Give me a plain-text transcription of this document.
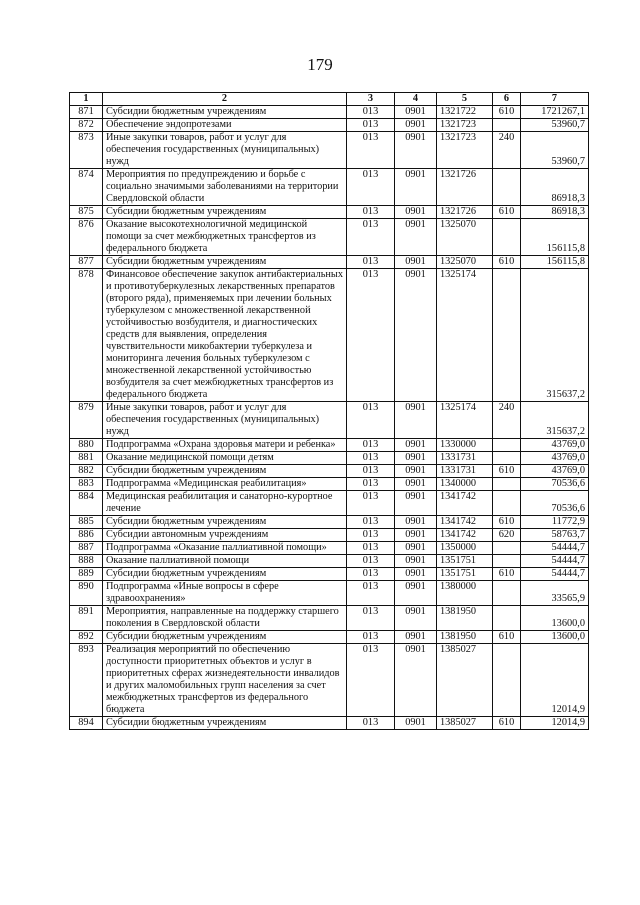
179
1	2	3	4	5	6	7
871	Субсидии бюджетным учреждениям	013	0901	1321722	610	1721267,1
872	Обеспечение эндопротезами	013	0901	1321723		53960,7
873	Иные закупки товаров, работ и услуг для обеспечения государственных (муниципальных) нужд	013	0901	1321723	240	53960,7
874	Мероприятия по предупреждению и борьбе с социально значимыми заболеваниями на территории Свердловской области	013	0901	1321726		86918,3
875	Субсидии бюджетным учреждениям	013	0901	1321726	610	86918,3
876	Оказание высокотехнологичной медицинской помощи за счет межбюджетных трансфертов из федерального бюджета	013	0901	1325070		156115,8
877	Субсидии бюджетным учреждениям	013	0901	1325070	610	156115,8
878	Финансовое обеспечение закупок антибактериальных и противотуберкулезных лекарственных препаратов (второго ряда), применяемых при лечении больных туберкулезом с множественной лекарственной устойчивостью возбудителя, и диагностических средств для выявления, определения чувствительности микобактерии туберкулеза и мониторинга лечения больных туберкулезом с множественной лекарственной устойчивостью возбудителя за счет межбюджетных трансфертов из федерального бюджета	013	0901	1325174		315637,2
879	Иные закупки товаров, работ и услуг для обеспечения государственных (муниципальных) нужд	013	0901	1325174	240	315637,2
880	Подпрограмма «Охрана здоровья матери и ребенка»	013	0901	1330000		43769,0
881	Оказание медицинской помощи детям	013	0901	1331731		43769,0
882	Субсидии бюджетным учреждениям	013	0901	1331731	610	43769,0
883	Подпрограмма «Медицинская реабилитация»	013	0901	1340000		70536,6
884	Медицинская реабилитация и санаторно-курортное лечение	013	0901	1341742		70536,6
885	Субсидии бюджетным учреждениям	013	0901	1341742	610	11772,9
886	Субсидии автономным учреждениям	013	0901	1341742	620	58763,7
887	Подпрограмма «Оказание паллиативной помощи»	013	0901	1350000		54444,7
888	Оказание паллиативной помощи	013	0901	1351751		54444,7
889	Субсидии бюджетным учреждениям	013	0901	1351751	610	54444,7
890	Подпрограмма «Иные вопросы в сфере здравоохранения»	013	0901	1380000		33565,9
891	Мероприятия, направленные на поддержку старшего поколения в Свердловской области	013	0901	1381950		13600,0
892	Субсидии бюджетным учреждениям	013	0901	1381950	610	13600,0
893	Реализация мероприятий по обеспечению доступности приоритетных объектов и услуг в приоритетных сферах жизнедеятельности инвалидов и других маломобильных групп населения за счет межбюджетных трансфертов из федерального бюджета	013	0901	1385027		12014,9
894	Субсидии бюджетным учреждениям	013	0901	1385027	610	12014,9
